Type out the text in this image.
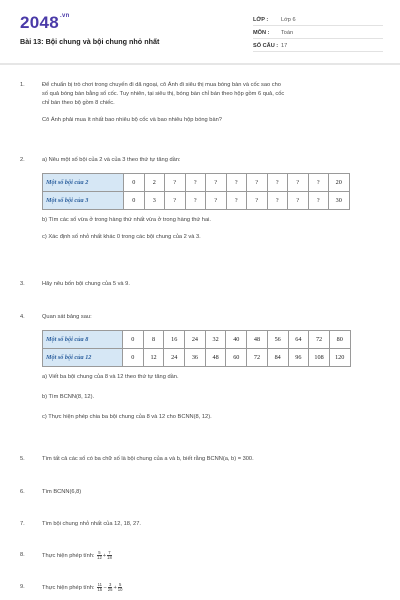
$2048^{.vn}$
Bài 13: Bội chung và bội chung nhỏ nhất
LỚP :	Lớp 6
MÔN :	Toán
SỐ CÂU : 17
1.	Để chuẩn bị trò chơi trong chuyến đi dã ngoại, cô Ánh đi siêu thị mua bóng bàn và cốc sao cho

số quả bóng bàn bằng số cốc. Tuy nhiên, tại siêu thị, bóng bàn chỉ bán theo hộp gồm 6 quả, cốc

chỉ bán theo bộ gồm 8 chiếc.

Cô Ánh phải mua ít nhất bao nhiêu bộ cốc và bao nhiêu hộp bóng bàn?

2.	a) Nêu một số bội của 2 và của 3 theo thứ tự tăng dần:

Một số bội của 2	0	2	?	?	?	?	?	?	?	?	20
Một số bội của 3	0	3	?	?	?	?	?	?	?	?	30

b) Tìm các số vừa ở trong hàng thứ nhất vừa ở trong hàng thứ hai.

c) Xác định số nhỏ nhất khác 0 trong các bội chung của 2 và 3.

3.	Hãy nêu bốn bội chung của 5 và 9.

4.	Quan sát bảng sau:

Một số bội của 8	0	8	16	24	32	40	48	56	64	72	80
Một số bội của 12	0	12	24	36	48	60	72	84	96	108	120

a) Viết ba bội chung của 8 và 12 theo thứ tự tăng dần.

b) Tìm BCNN(8, 12).

c) Thực hiện phép chia ba bội chung của 8 và 12 cho BCNN(8, 12).

5.	Tìm tất cả các số có ba chữ số là bội chung của a và b, biết rằng BCNN(a, b) = 300.

6.	Tìm BCNN(6,8)

7.	Tìm bội chung nhỏ nhất của 12, 18, 27.

8.	Thực hiện phép tính: $\frac{5}{12} + \frac{7}{18}$
9.	Thực hiện phép tính: $\frac{11}{15} - \frac{3}{25} + \frac{5}{10}$
